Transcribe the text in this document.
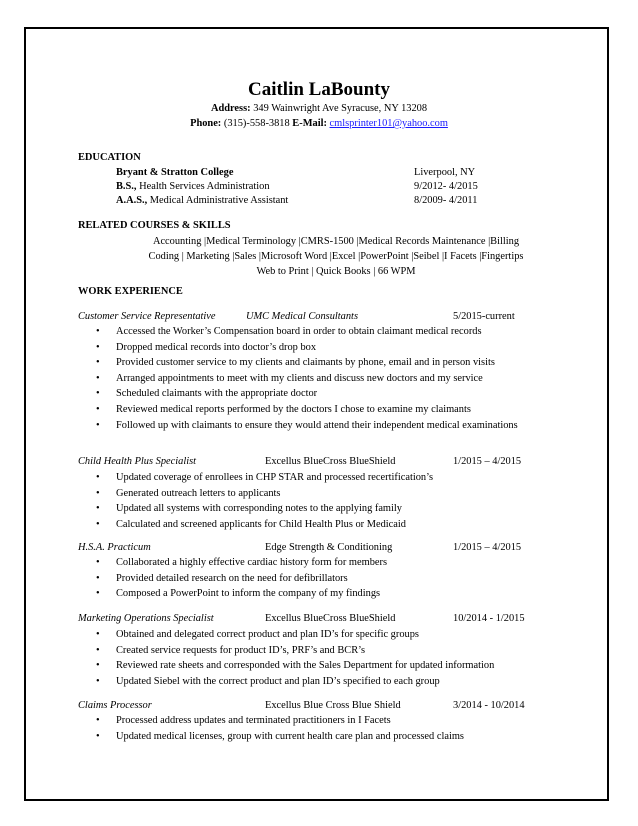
Caitlin LaBounty
Address: 349 Wainwright Ave Syracuse, NY 13208
Phone: (315)-558-3818 E-Mail: cmlsprinter101@yahoo.com
EDUCATION
Bryant & Stratton College	Liverpool, NY
B.S., Health Services Administration	9/2012- 4/2015
A.A.S., Medical Administrative Assistant	8/2009- 4/2011
RELATED COURSES & SKILLS
Accounting |Medical Terminology |CMRS-1500 |Medical Records Maintenance |Billing
Coding | Marketing |Sales |Microsoft Word |Excel |PowerPoint |Seibel |I Facets |Fingertips
Web to Print | Quick Books | 66 WPM
WORK EXPERIENCE
Customer Service Representative	UMC Medical Consultants	5/2015-current
• Accessed the Worker’s Compensation board in order to obtain claimant medical records
• Dropped medical records into doctor’s drop box
• Provided customer service to my clients and claimants by phone, email and in person visits
• Arranged appointments to meet with my clients and discuss new doctors and my service
• Scheduled claimants with the appropriate doctor
• Reviewed medical reports performed by the doctors I chose to examine my claimants
• Followed up with claimants to ensure they would attend their independent medical examinations
Child Health Plus Specialist	Excellus BlueCross BlueShield	1/2015 – 4/2015
• Updated coverage of enrollees in CHP STAR and processed recertification’s
• Generated outreach letters to applicants
• Updated all systems with corresponding notes to the applying family
• Calculated and screened applicants for Child Health Plus or Medicaid
H.S.A. Practicum	Edge Strength & Conditioning	1/2015 – 4/2015
• Collaborated a highly effective cardiac history form for members
• Provided detailed research on the need for defibrillators
• Composed a PowerPoint to inform the company of my findings
Marketing Operations Specialist	Excellus BlueCross BlueShield	10/2014 - 1/2015
• Obtained and delegated correct product and plan ID’s for specific groups
• Created service requests for product ID’s, PRF’s and BCR’s
• Reviewed rate sheets and corresponded with the Sales Department for updated information
• Updated Siebel with the correct product and plan ID’s specified to each group
Claims Processor	Excellus Blue Cross Blue Shield	3/2014 - 10/2014
• Processed address updates and terminated practitioners in I Facets
• Updated medical licenses, group with current health care plan and processed claims
